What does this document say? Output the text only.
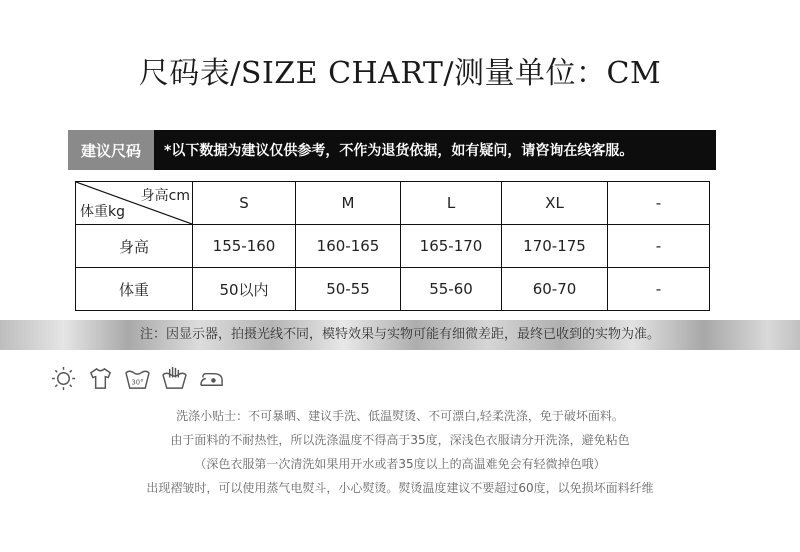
尺码表/SIZE CHART/测量单位：CM
建议尺码	*以下数据为建议仅供参考，不作为退货依据，如有疑问，请咨询在线客服。
身高cm
体重kg	S	M	L	XL	-
身高	155-160	160-165	165-170	170-175	-
体重	50以内	50-55	55-60	60-70	-
注：因显示器，拍摄光线不同，模特效果与实物可能有细微差距，最终已收到的实物为准。
30°
洗涤小贴士：不可暴晒、建议手洗、低温熨烫、不可漂白,轻柔洗涤，免于破坏面料。
由于面料的不耐热性，所以洗涤温度不得高于35度，深浅色衣服请分开洗涤，避免粘色
（深色衣服第一次清洗如果用开水或者35度以上的高温难免会有轻微掉色哦）
出现褶皱时，可以使用蒸气电熨斗，小心熨烫。熨烫温度建议不要超过60度，以免损坏面料纤维
